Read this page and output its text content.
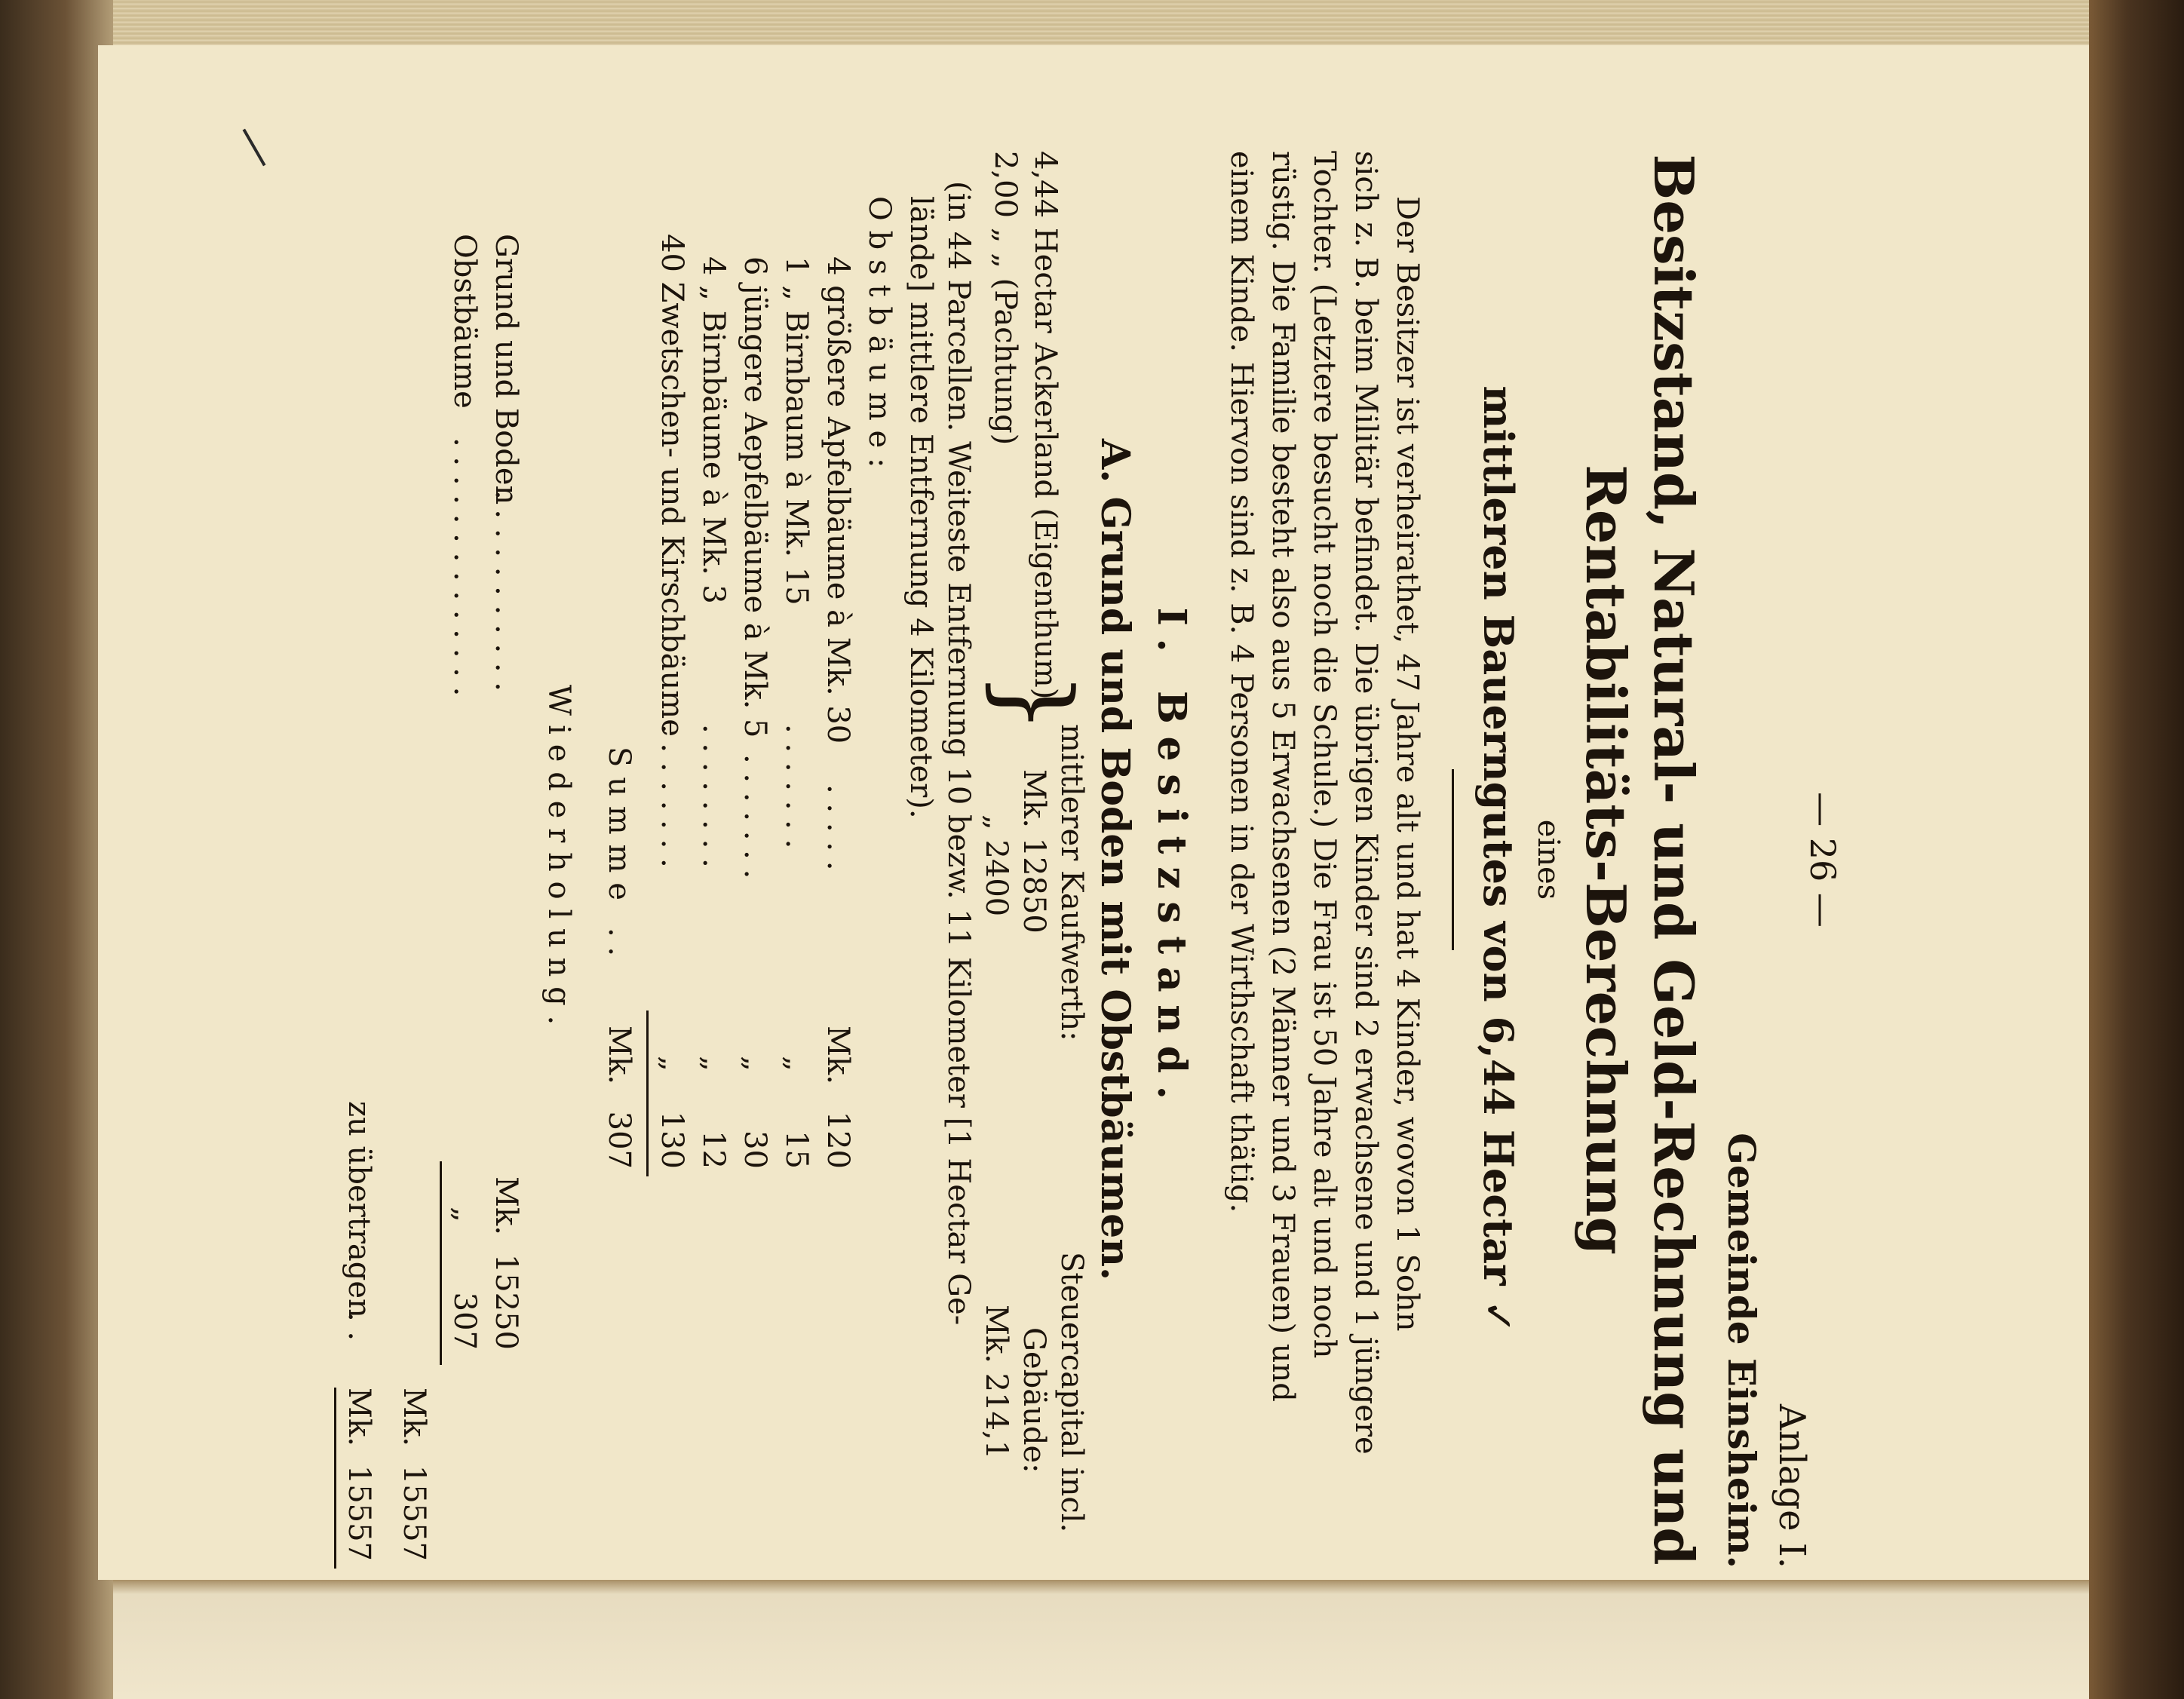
— 26 —
Anlage I.
Gemeinde Einsheim.
Besitzstand, Natural- und Geld-Rechnung und
Rentabilitäts-Berechnung
eines
mittleren Bauerngutes von 6,44 Hectar ✓
Der Besitzer ist verheirathet, 47 Jahre alt und hat 4 Kinder, wovon 1 Sohn
sich z. B. beim Militär befindet. Die übrigen Kinder sind 2 erwachsene und 1 jüngere
Tochter. (Letztere besucht noch die Schule.) Die Frau ist 50 Jahre alt und noch
rüstig. Die Familie besteht also aus 5 Erwachsenen (2 Männer und 3 Frauen) und
einem Kinde. Hiervon sind z. B. 4 Personen in der Wirthschaft thätig.
I. Besitzstand.
A. Grund und Boden mit Obstbäumen.
4,44 Hectar Ackerland (Eigenthum)
2,00 „ „ (Pachtung)
}
mittlerer Kaufwerth:
Mk. 12850
„ 2400
Steuercapital incl.
Gebäude:
Mk. 214,1
(in 44 Parcellen. Weiteste Entfernung 10 bezw. 11 Kilometer [1 Hectar Ge-
lände] mittlere Entfernung 4 Kilometer).
Obstbäume:
4 größere Apfelbäume à Mk. 30
. . . . .
Mk.
120
1 „ Birnbaum à Mk. 15
. . . . . . .
„
15
6 jüngere Aepfelbäume à Mk. 5
. . . . . . .
„
30
4 „ Birnbäume à Mk. 3
. . . . . . . .
„
12
40 Zwetschen- und Kirschbäume
. . . . . . . .
„
130
Summe
. .
Mk.
307
Wiederholung.
Grund und Boden
. . . . . . . . . . .
Mk.
15250
Obstbäume
. . . . . . . . . . . . . .
„
307
Mk.
15557
zu übertragen
. .
Mk.
15557
